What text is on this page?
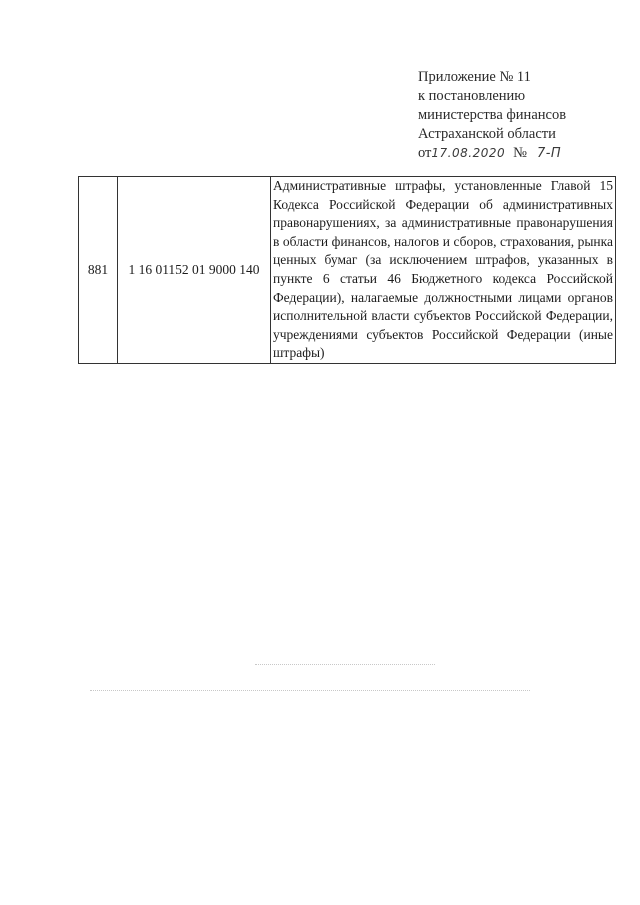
Приложение № 11
к постановлению
министерства финансов
Астраханской области
от 17.08.2020 № 7-П
881	1 16 01152 01 9000 140	Административные штрафы, установленные Главой 15 Кодекса Российской Федерации об административных правонарушениях, за административные правонарушения в области финансов, налогов и сборов, страхования, рынка ценных бумаг (за исключением штрафов, указанных в пункте 6 статьи 46 Бюджетного кодекса Российской Федерации), налагаемые должностными лицами органов исполнительной власти субъектов Российской Федерации, учреждениями субъектов Российской Федерации (иные штрафы)
